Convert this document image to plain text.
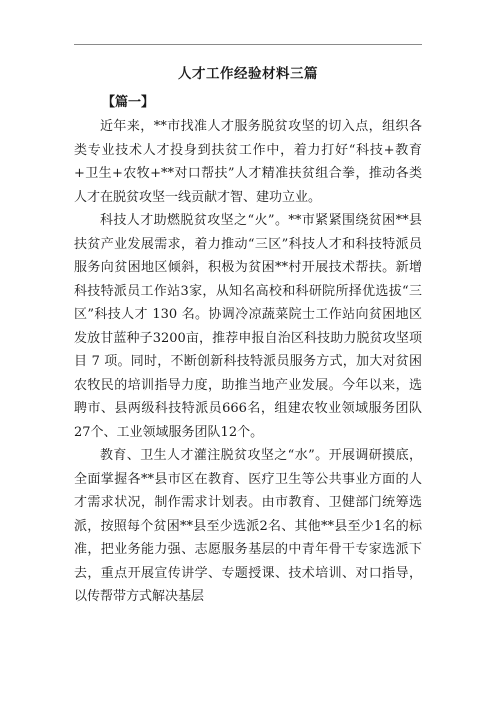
人才工作经验材料三篇
【篇一】

近年来，**市找准人才服务脱贫攻坚的切入点，组织各类专业技术人才投身到扶贫工作中，着力打好“科技+教育+卫生+农牧+**对口帮扶”人才精准扶贫组合拳，推动各类人才在脱贫攻坚一线贡献才智、建功立业。

科技人才助燃脱贫攻坚之“火”。**市紧紧围绕贫困**县扶贫产业发展需求，着力推动“三区”科技人才和科技特派员服务向贫困地区倾斜，积极为贫困**村开展技术帮扶。新增科技特派员工作站3家，从知名高校和科研院所择优选拔“三区”科技人才 130 名。协调冷凉蔬菜院士工作站向贫困地区发放甘蓝种子3200亩，推荐申报自治区科技助力脱贫攻坚项目 7 项。同时，不断创新科技特派员服务方式，加大对贫困农牧民的培训指导力度，助推当地产业发展。今年以来，选聘市、县两级科技特派员666名，组建农牧业领域服务团队27个、工业领域服务团队12个。

教育、卫生人才灌注脱贫攻坚之“水”。开展调研摸底，全面掌握各**县市区在教育、医疗卫生等公共事业方面的人才需求状况，制作需求计划表。由市教育、卫健部门统筹选派，按照每个贫困**县至少选派2名、其他**县至少1名的标准，把业务能力强、志愿服务基层的中青年骨干专家选派下去，重点开展宣传讲学、专题授课、技术培训、对口指导，以传帮带方式解决基层
